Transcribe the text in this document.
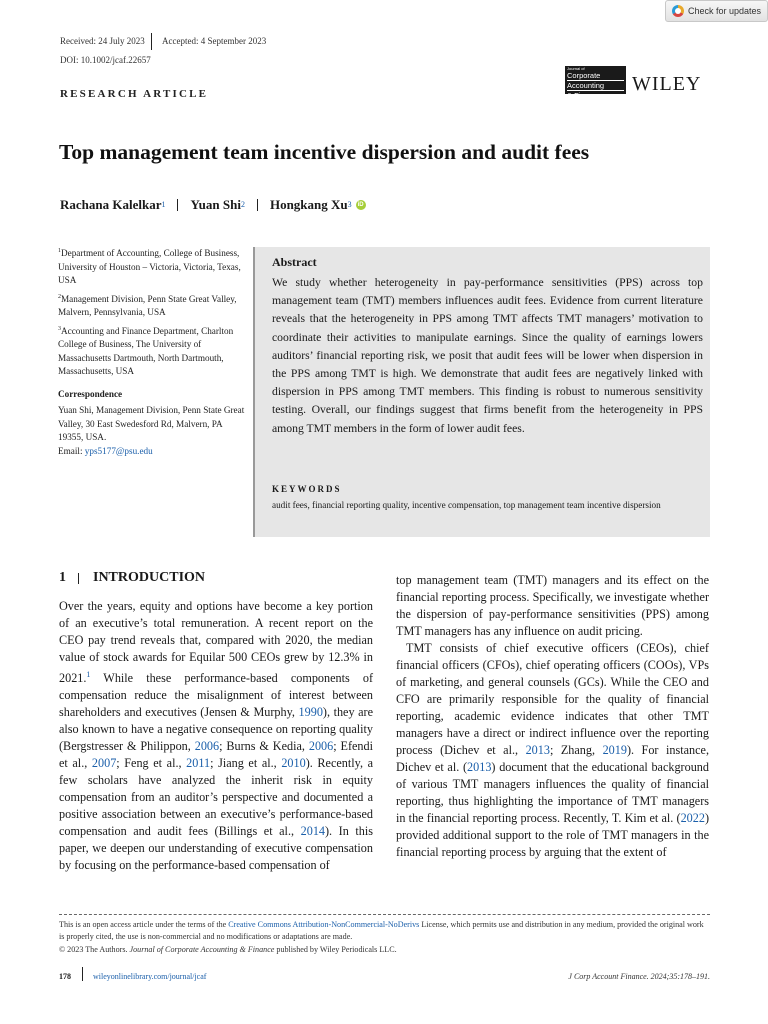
Check for updates
Received: 24 July 2023 Accepted: 4 September 2023
DOI: 10.1002/jcaf.22657
Journal of
Corporate
Accounting
& Finance
WILEY
RESEARCH ARTICLE
Top management team incentive dispersion and audit fees
Rachana Kalelkar 1 Yuan Shi 2 Hongkang Xu 3	iD

$^1$Department of Accounting, College of Business, University of Houston – Victoria, Victoria, Texas, USA

$^2$Management Division, Penn State Great Valley, Malvern, Pennsylvania, USA

$^3$Accounting and Finance Department, Charlton College of Business, The University of Massachusetts Dartmouth, North Dartmouth, Massachusetts, USA

Correspondence

Yuan Shi, Management Division, Penn State Great Valley, 30 East Swedesford Rd, Malvern, PA 19355, USA.
Email: yps5177@psu.edu

Abstract
We study whether heterogeneity in pay-performance sensitivities (PPS) across top management team (TMT) members influences audit fees. Evidence from current literature reveals that the heterogeneity in PPS among TMT affects TMT managers’ motivation to coordinate their activities to manipulate earnings. Since the quality of earnings lowers auditors’ financial reporting risk, we posit that audit fees will be lower when dispersion in the PPS among TMT is high. We demonstrate that audit fees are negatively linked with dispersion in PPS among TMT members. This finding is robust to numerous sensitivity testing. Overall, our findings suggest that firms benefit from the heterogeneity in PPS among TMT members in the form of lower audit fees.
KEYWORDS
audit fees, financial reporting quality, incentive compensation, top management team incentive dispersion
1 INTRODUCTION
Over the years, equity and options have become a key portion of an executive’s total remuneration. A recent report on the CEO pay trend reveals that, compared with 2020, the median value of stock awards for Equilar 500 CEOs grew by 12.3% in 2021.$^1$ While these performance-based components of compensation reduce the misalignment of interest between shareholders and executives (Jensen & Murphy, 1990), they are also known to have a negative consequence on reporting quality (Bergstresser & Philippon, 2006; Burns & Kedia, 2006; Efendi et al., 2007; Feng et al., 2011; Jiang et al., 2010). Recently, a few scholars have analyzed the inherit risk in equity compensation from an auditor’s perspective and documented a positive association between an executive’s performance-based compensation and audit fees (Billings et al., 2014). In this paper, we deepen our understanding of executive compensation by focusing on the performance-based compensation of

top management team (TMT) managers and its effect on the financial reporting process. Specifically, we investigate whether the dispersion of pay-performance sensitivities (PPS) among TMT managers has any influence on audit pricing.

TMT consists of chief executive officers (CEOs), chief financial officers (CFOs), chief operating officers (COOs), VPs of marketing, and general counsels (GCs). While the CEO and CFO are primarily responsible for the quality of financial reporting, academic evidence indicates that other TMT managers have a direct or indirect influence over the reporting process (Dichev et al., 2013; Zhang, 2019). For instance, Dichev et al. (2013) document that the educational background of various TMT managers influences the quality of financial reporting, thus highlighting the importance of TMT managers in the financial reporting process. Recently, T. Kim et al. (2022) provided additional support to the role of TMT managers in the financial reporting process by arguing that the extent of

This is an open access article under the terms of the Creative Commons Attribution-NonCommercial-NoDerivs License, which permits use and distribution in any medium, provided the original work is properly cited, the use is non-commercial and no modifications or adaptations are made.
© 2023 The Authors. Journal of Corporate Accounting & Finance published by Wiley Periodicals LLC.
178	wileyonlinelibrary.com/journal/jcaf	J Corp Account Finance. 2024;35:178–191.
